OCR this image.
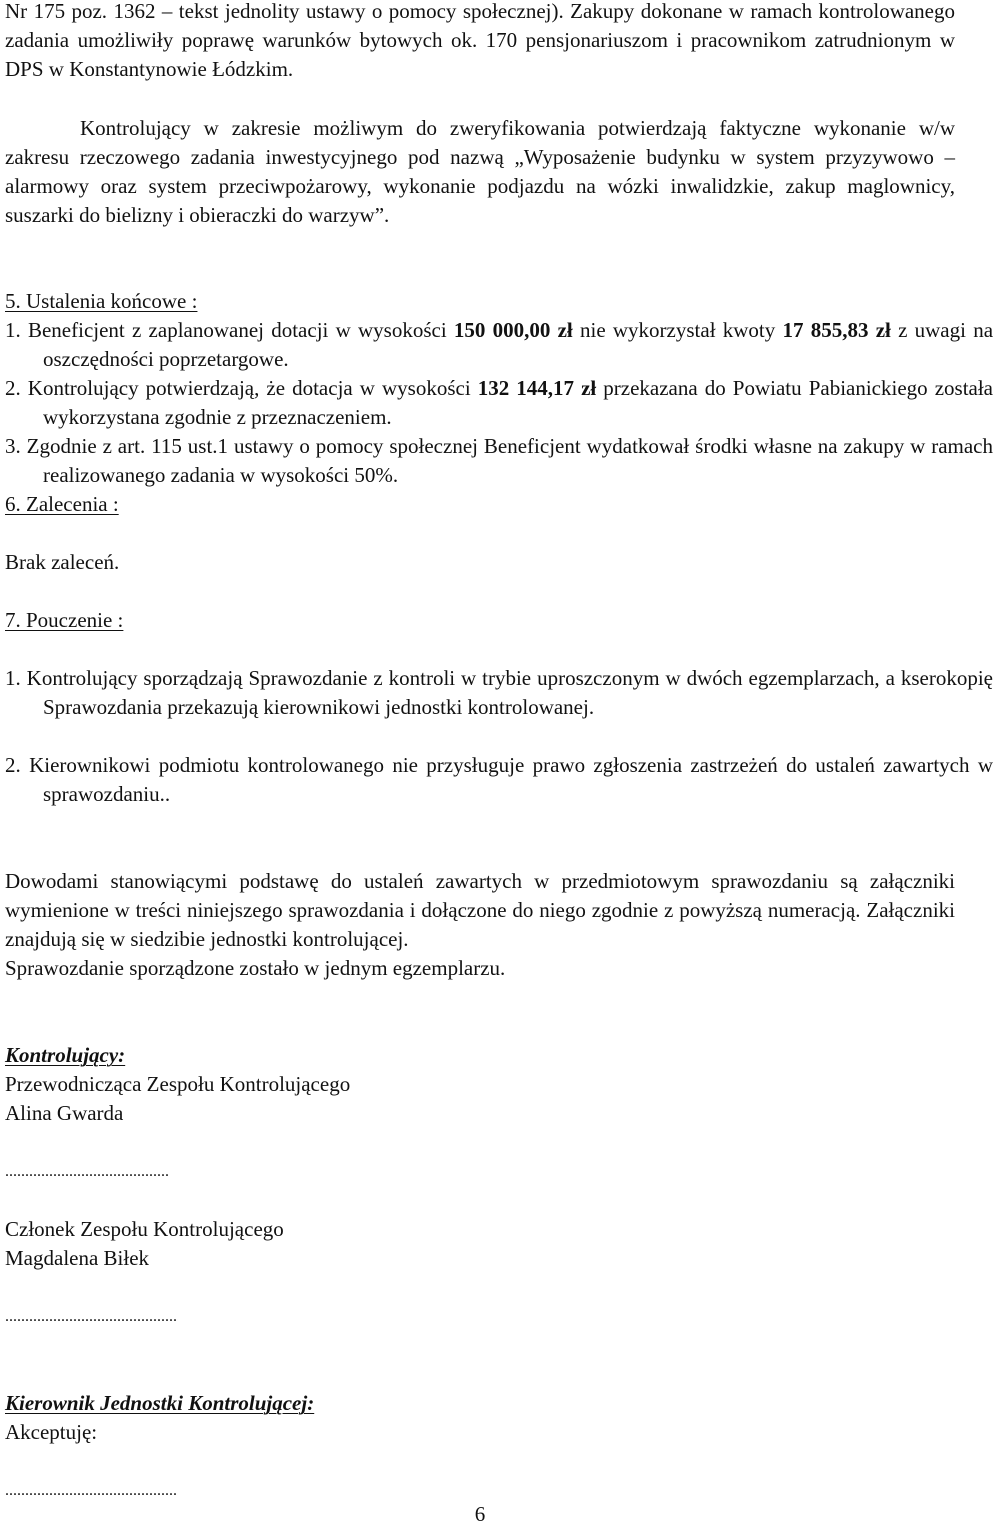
Nr 175 poz. 1362 – tekst jednolity ustawy o pomocy społecznej). Zakupy dokonane w ramach kontrolowanego zadania umożliwiły poprawę warunków bytowych ok. 170 pensjonariuszom i pracownikom zatrudnionym w DPS w Konstantynowie Łódzkim.

Kontrolujący w zakresie możliwym do zweryfikowania potwierdzają faktyczne wykonanie w/w zakresu rzeczowego zadania inwestycyjnego pod nazwą „Wyposażenie budynku w system przyzywowo – alarmowy oraz system przeciwpożarowy, wykonanie podjazdu na wózki inwalidzkie, zakup maglownicy, suszarki do bielizny i obieraczki do warzyw”.

5. Ustalenia końcowe :

1. Beneficjent z zaplanowanej dotacji w wysokości 150 000,00 zł nie wykorzystał kwoty 17 855,83 zł z uwagi na oszczędności poprzetargowe.

2. Kontrolujący potwierdzają, że dotacja w wysokości 132 144,17 zł przekazana do Powiatu Pabianickiego została wykorzystana zgodnie z przeznaczeniem.

3. Zgodnie z art. 115 ust.1 ustawy o pomocy społecznej Beneficjent wydatkował środki własne na zakupy w ramach realizowanego zadania w wysokości 50%.

6. Zalecenia :

Brak zaleceń.

7. Pouczenie :

1. Kontrolujący sporządzają Sprawozdanie z kontroli w trybie uproszczonym w dwóch egzemplarzach, a kserokopię Sprawozdania przekazują kierownikowi jednostki kontrolowanej.

2. Kierownikowi podmiotu kontrolowanego nie przysługuje prawo zgłoszenia zastrzeżeń do ustaleń zawartych w sprawozdaniu..

Dowodami stanowiącymi podstawę do ustaleń zawartych w przedmiotowym sprawozdaniu są załączniki wymienione w treści niniejszego sprawozdania i dołączone do niego zgodnie z powyższą numeracją. Załączniki znajdują się w siedzibie jednostki kontrolującej.

Sprawozdanie sporządzone zostało w jednym egzemplarzu.

Kontrolujący:

Przewodnicząca Zespołu Kontrolującego

Alina Gwarda

.........................................

Członek Zespołu Kontrolującego

Magdalena Biłek

...........................................

Kierownik Jednostki Kontrolującej:

Akceptuję:

...........................................

6
